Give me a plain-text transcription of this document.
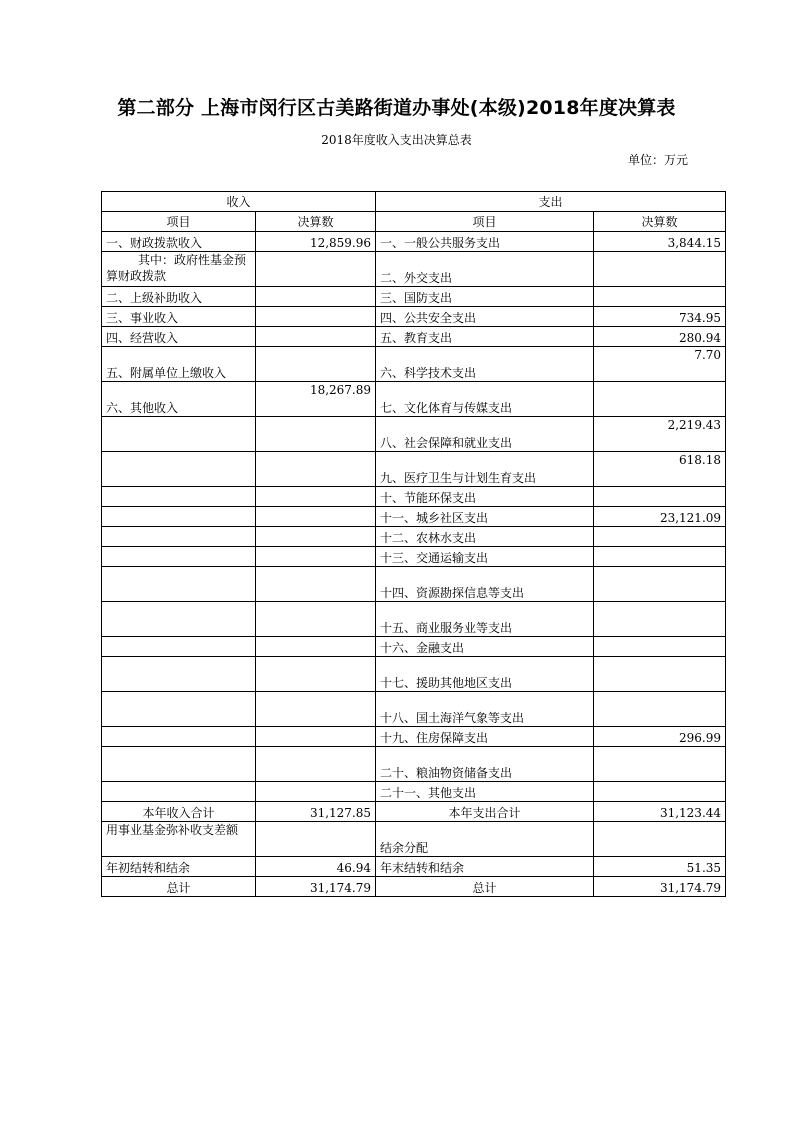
第二部分 上海市闵行区古美路街道办事处(本级)2018年度决算表
2018年度收入支出决算总表
单位：万元
收入		支出	
项目	决算数	项目	决算数
一、财政拨款收入	12,859.96	一、一般公共服务支出	3,844.15
其中：政府性基金预算财政拨款		二、外交支出	
二、上级补助收入		三、国防支出	
三、事业收入		四、公共安全支出	734.95
四、经营收入		五、教育支出	280.94
五、附属单位上缴收入		六、科学技术支出	7.70
六、其他收入	18,267.89	七、文化体育与传媒支出	
		八、社会保障和就业支出	2,219.43
		九、医疗卫生与计划生育支出	618.18
		十、节能环保支出	
		十一、城乡社区支出	23,121.09
		十二、农林水支出	
		十三、交通运输支出	
		十四、资源勘探信息等支出	
		十五、商业服务业等支出	
		十六、金融支出	
		十七、援助其他地区支出	
		十八、国土海洋气象等支出	
		十九、住房保障支出	296.99
		二十、粮油物资储备支出	
		二十一、其他支出	
本年收入合计	31,127.85	本年支出合计	31,123.44
用事业基金弥补收支差额		结余分配	
年初结转和结余	46.94	年末结转和结余	51.35
总计	31,174.79	总计	31,174.79
